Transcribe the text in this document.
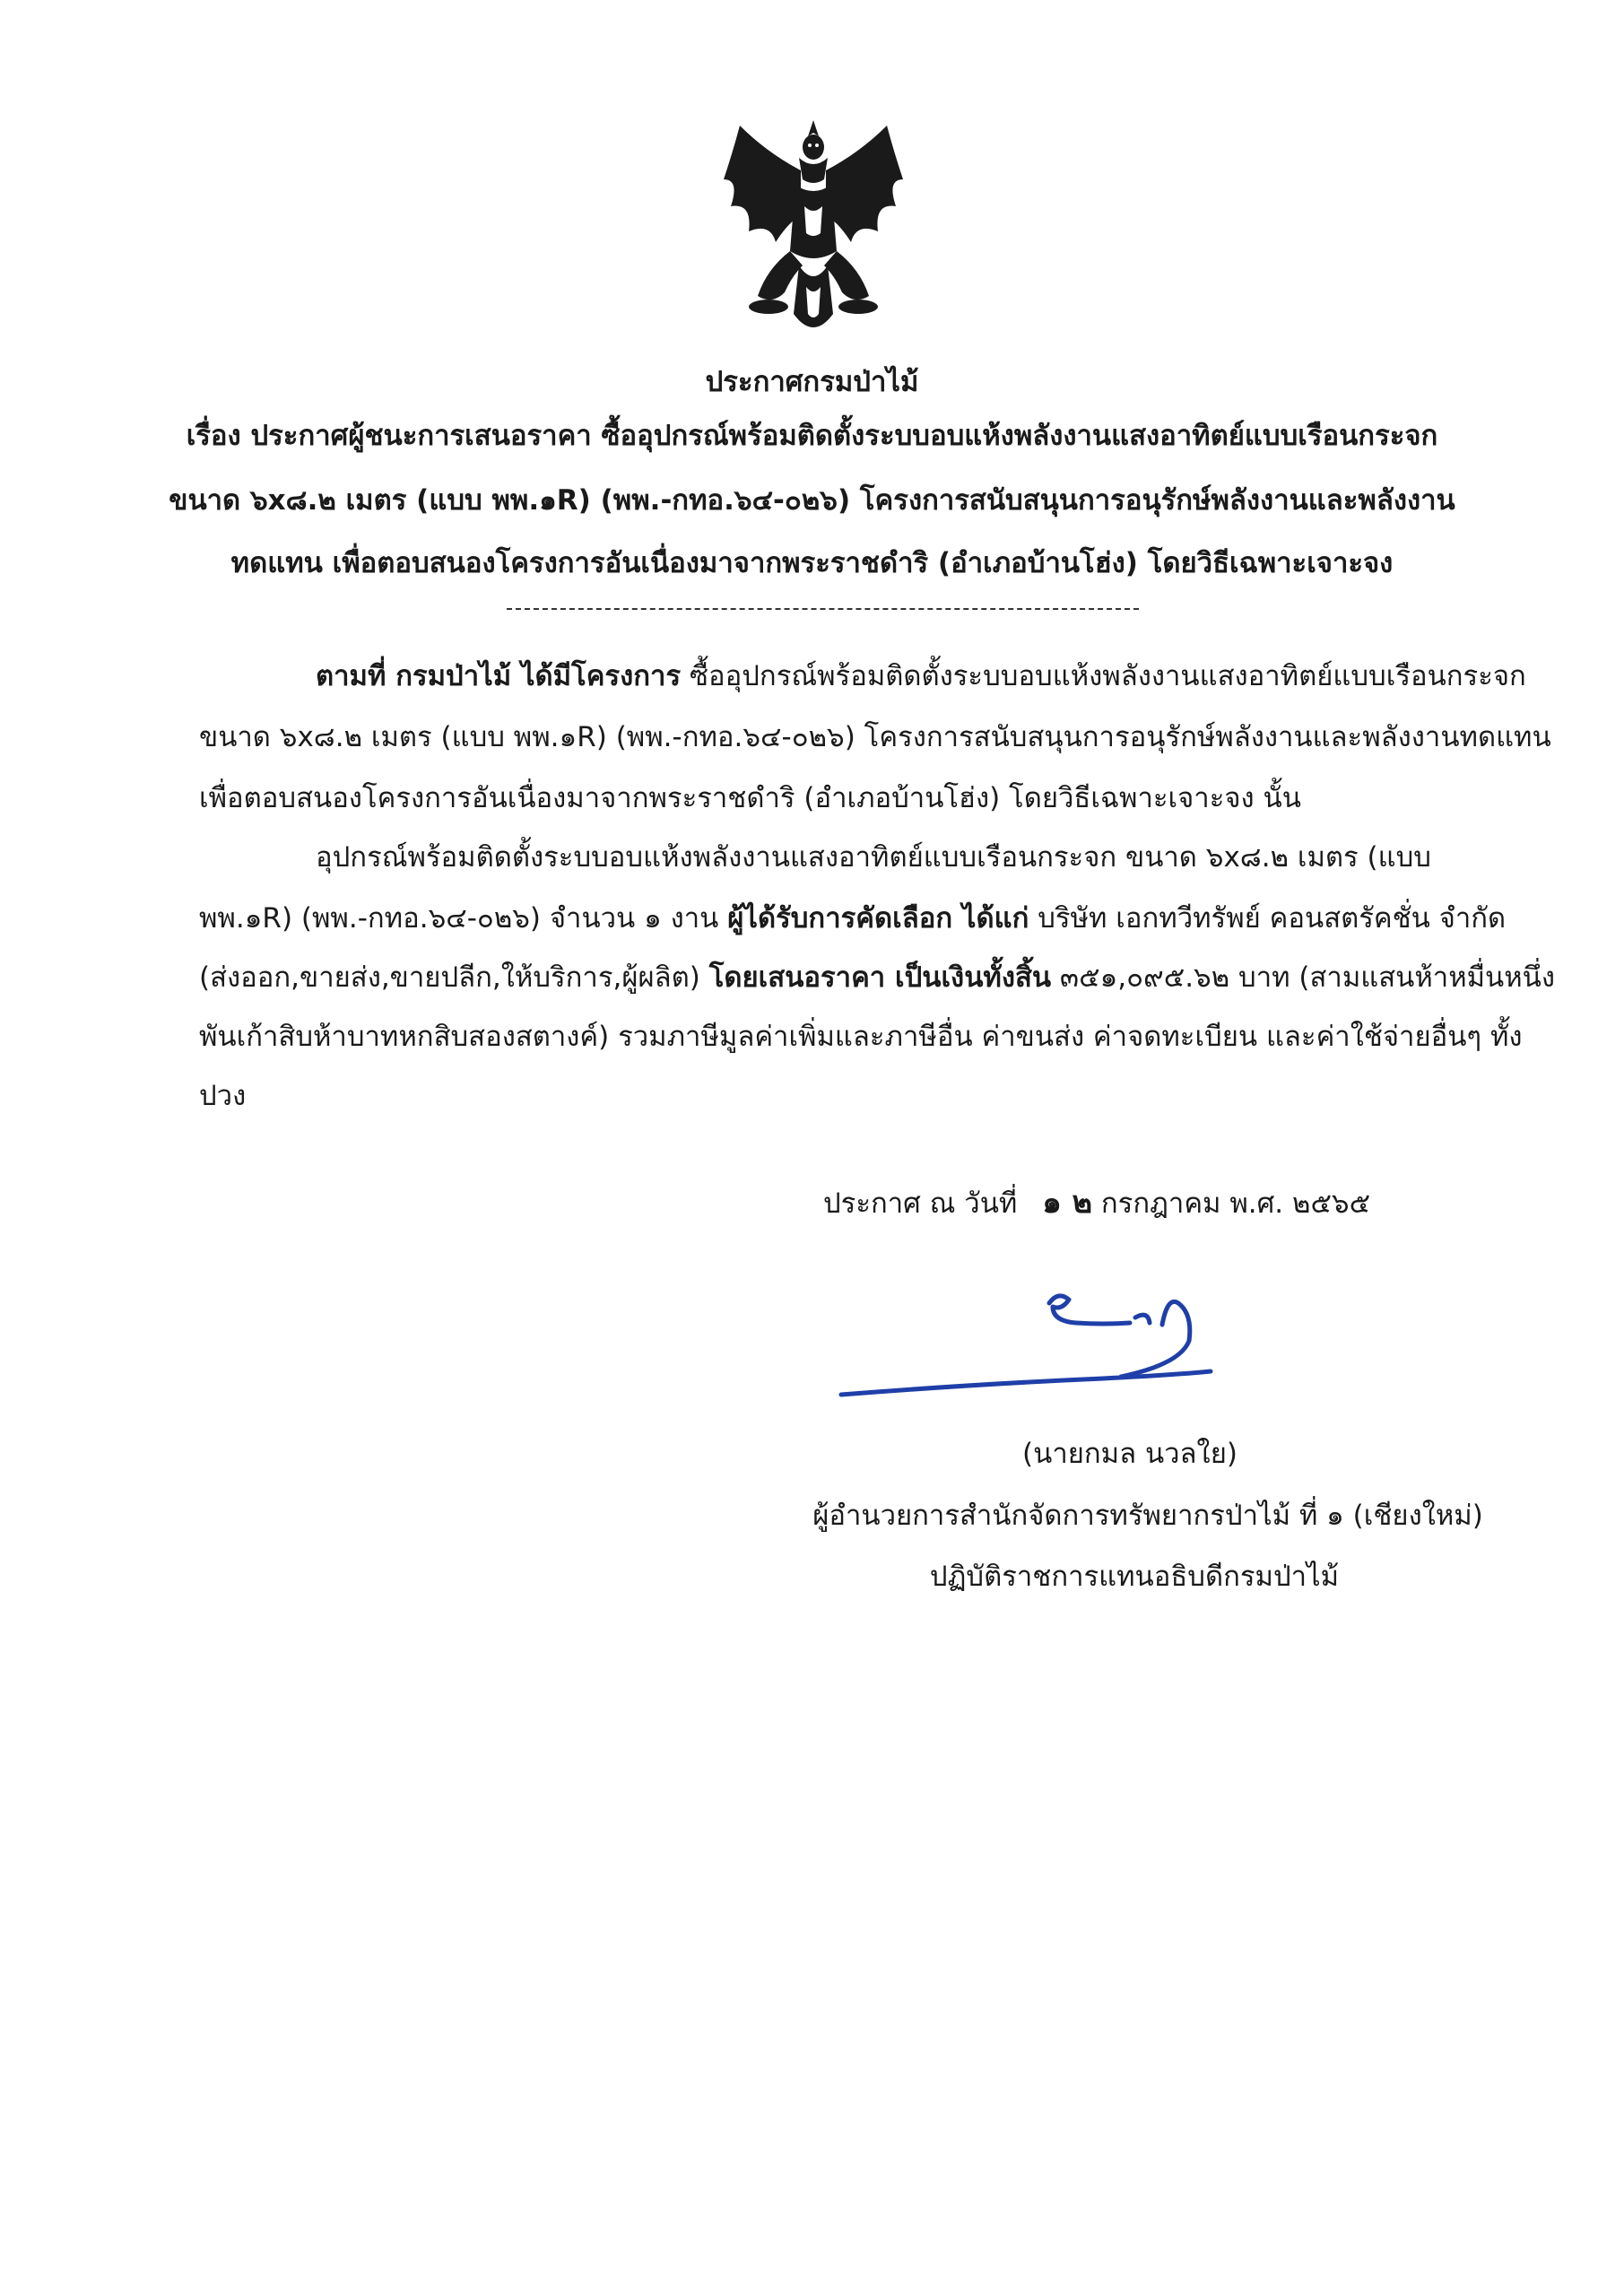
ประกาศกรมป่าไม้
เรื่อง ประกาศผู้ชนะการเสนอราคา ซื้ออุปกรณ์พร้อมติดตั้งระบบอบแห้งพลังงานแสงอาทิตย์แบบเรือนกระจก
ขนาด ๖x๘.๒ เมตร (แบบ พพ.๑R) (พพ.-กทอ.๖๔-๐๒๖) โครงการสนับสนุนการอนุรักษ์พลังงานและพลังงาน
ทดแทน เพื่อตอบสนองโครงการอันเนื่องมาจากพระราชดำริ (อำเภอบ้านโฮ่ง) โดยวิธีเฉพาะเจาะจง
ตามที่ กรมป่าไม้ ได้มีโครงการ ซื้ออุปกรณ์พร้อมติดตั้งระบบอบแห้งพลังงานแสงอาทิตย์แบบเรือนกระจก
ขนาด ๖x๘.๒ เมตร (แบบ พพ.๑R) (พพ.-กทอ.๖๔-๐๒๖) โครงการสนับสนุนการอนุรักษ์พลังงานและพลังงานทดแทน
เพื่อตอบสนองโครงการอันเนื่องมาจากพระราชดำริ (อำเภอบ้านโฮ่ง) โดยวิธีเฉพาะเจาะจง นั้น
อุปกรณ์พร้อมติดตั้งระบบอบแห้งพลังงานแสงอาทิตย์แบบเรือนกระจก ขนาด ๖x๘.๒ เมตร (แบบ
พพ.๑R) (พพ.-กทอ.๖๔-๐๒๖) จำนวน ๑ งาน ผู้ได้รับการคัดเลือก ได้แก่ บริษัท เอกทวีทรัพย์ คอนสตรัคชั่น จำกัด
(ส่งออก,ขายส่ง,ขายปลีก,ให้บริการ,ผู้ผลิต) โดยเสนอราคา เป็นเงินทั้งสิ้น ๓๕๑,๐๙๕.๖๒ บาท (สามแสนห้าหมื่นหนึ่ง
พันเก้าสิบห้าบาทหกสิบสองสตางค์) รวมภาษีมูลค่าเพิ่มและภาษีอื่น ค่าขนส่ง ค่าจดทะเบียน และค่าใช้จ่ายอื่นๆ ทั้ง
ปวง
ประกาศ ณ วันที่ ๑ ๒ กรกฎาคม พ.ศ. ๒๕๖๕
(นายกมล นวลใย)
ผู้อำนวยการสำนักจัดการทรัพยากรป่าไม้ ที่ ๑ (เชียงใหม่)
ปฏิบัติราชการแทนอธิบดีกรมป่าไม้
